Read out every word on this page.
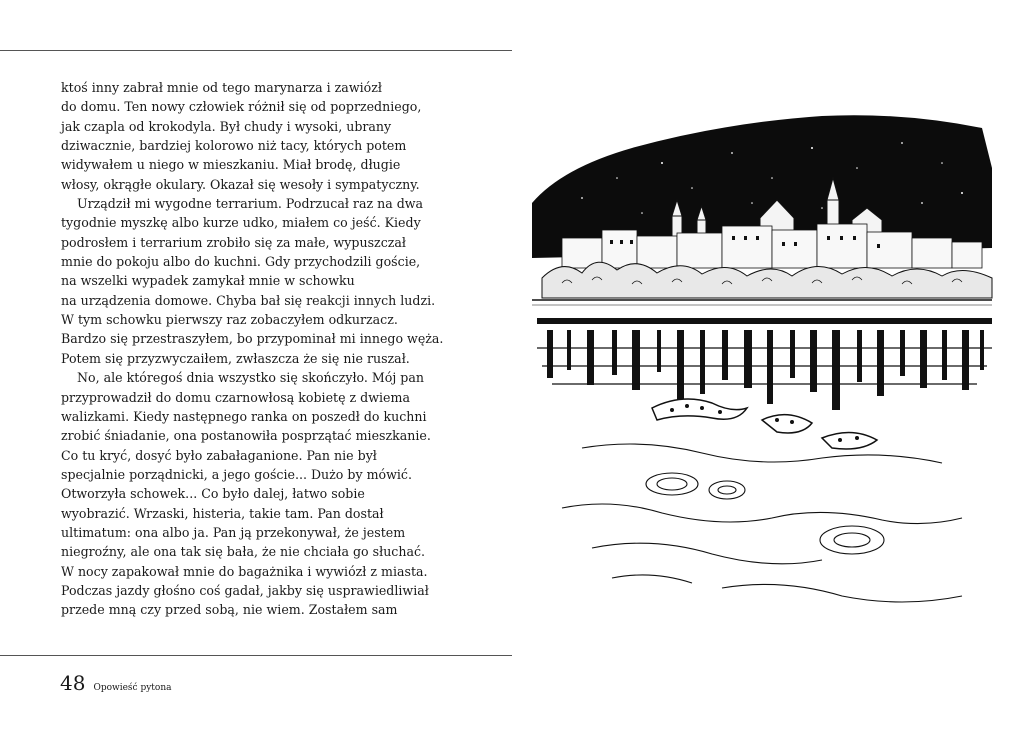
ktoś inny zabrał mnie od tego marynarza i zawiózł
do domu. Ten nowy człowiek różnił się od poprzedniego,
jak czapla od krokodyla. Był chudy i wysoki, ubrany
dziwacznie, bardziej kolorowo niż tacy, których potem
widywałem u niego w mieszkaniu. Miał brodę, długie
włosy, okrągłe okulary. Okazał się wesoły i sympatyczny.
Urządził mi wygodne terrarium. Podrzucał raz na dwa
tygodnie myszkę albo kurze udko, miałem co jeść. Kiedy
podrosłem i terrarium zrobiło się za małe, wypuszczał
mnie do pokoju albo do kuchni. Gdy przychodzili goście,
na wszelki wypadek zamykał mnie w schowku
na urządzenia domowe. Chyba bał się reakcji innych ludzi.
W tym schowku pierwszy raz zobaczyłem odkurzacz.
Bardzo się przestraszyłem, bo przypominał mi innego węża.
Potem się przyzwyczaiłem, zwłaszcza że się nie ruszał.
No, ale któregoś dnia wszystko się skończyło. Mój pan
przyprowadził do domu czarnowłosą kobietę z dwiema
walizkami. Kiedy następnego ranka on poszedł do kuchni
zrobić śniadanie, ona postanowiła posprzątać mieszkanie.
Co tu kryć, dosyć było zabałaganione. Pan nie był
specjalnie porządnicki, a jego goście... Dużo by mówić.
Otworzyła schowek... Co było dalej, łatwo sobie
wyobrazić. Wrzaski, histeria, takie tam. Pan dostał
ultimatum: ona albo ja. Pan ją przekonywał, że jestem
niegroźny, ale ona tak się bała, że nie chciała go słuchać.
W nocy zapakował mnie do bagażnika i wywiózł z miasta.
Podczas jazdy głośno coś gadał, jakby się usprawiedliwiał
przede mną czy przed sobą, nie wiem. Zostałem sam
48 Opowieść pytona
